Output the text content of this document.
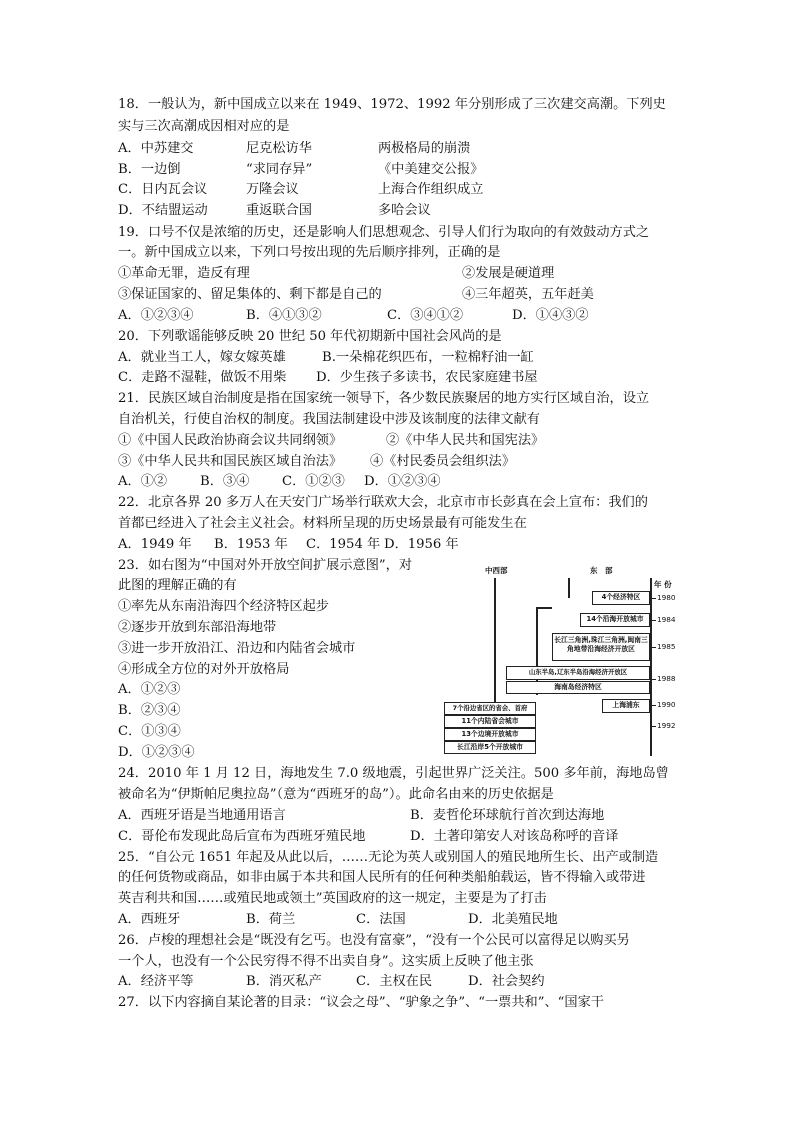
18．一般认为，新中国成立以来在 1949、1972、1992 年分别形成了三次建交高潮。下列史
实与三次高潮成因相对应的是
A．中苏建交	尼克松访华	两极格局的崩溃
B．一边倒	“求同存异”	《中美建交公报》
C．日内瓦会议	万隆会议	上海合作组织成立
D．不结盟运动	重返联合国	多哈会议
19．口号不仅是浓缩的历史，还是影响人们思想观念、引导人们行为取向的有效鼓动方式之
一。新中国成立以来，下列口号按出现的先后顺序排列，正确的是
①革命无罪，造反有理	②发展是硬道理
③保证国家的、留足集体的、剩下都是自己的	④三年超英，五年赶美
A．①②③④	B．④①③②	C．③④①②	D．①④③②
20．下列歌谣能够反映 20 世纪 50 年代初期新中国社会风尚的是
A．就业当工人，嫁女嫁英雄	B.一朵棉花织匹布，一粒棉籽油一缸
C．走路不湿鞋，做饭不用柴 D．少生孩子多读书，农民家庭建书屋
21．民族区域自治制度是指在国家统一领导下，各少数民族聚居的地方实行区域自治，设立
自治机关，行使自治权的制度。我国法制建设中涉及该制度的法律文献有
①《中国人民政治协商会议共同纲领》	②《中华人民共和国宪法》
③《中华人民共和国民族区域自治法》 ④《村民委员会组织法》
A．①② B．③④ C．①②③ D．①②③④
22．北京各界 20 多万人在天安门广场举行联欢大会，北京市市长彭真在会上宣布：我们的
首都已经进入了社会主义社会。材料所呈现的历史场景最有可能发生在
A．1949 年 B．1953 年 C．1954 年 D．1956 年
23．如右图为“中国对外开放空间扩展示意图”，对
此图的理解正确的有
①率先从东南沿海四个经济特区起步
②逐步开放到东部沿海地带
③进一步开放沿江、沿边和内陆省会城市
④形成全方位的对外开放格局
A．①②③
B．②③④
C．①③④
D．①②③④
中西部	东　部
年 份
1980
1984
1985
1988
1990
1992
4个经济特区
14个沿海开放城市
长江三角洲,珠江三角洲,闽南三角地带沿海经济开放区
山东半岛,辽东半岛沿海经济开放区
海南岛经济特区
上海浦东
7个沿边省区的省会、首府
11个内陆省会城市
13个边境开放城市
长江沿岸5个开放城市
24．2010 年 1 月 12 日，海地发生 7.0 级地震，引起世界广泛关注。500 多年前，海地岛曾
被命名为“伊斯帕尼奥拉岛”（意为“西班牙的岛”）。此命名由来的历史依据是
A．西班牙语是当地通用语言	B．麦哲伦环球航行首次到达海地
C．哥伦布发现此岛后宣布为西班牙殖民地	D．土著印第安人对该岛称呼的音译
25．“自公元 1651 年起及从此以后，……无论为英人或别国人的殖民地所生长、出产或制造
的任何货物或商品，如非由属于本共和国人民所有的任何种类船舶载运，皆不得输入或带进
英吉利共和国……或殖民地或领土”英国政府的这一规定，主要是为了打击
A．西班牙	B．荷兰	C．法国	D．北美殖民地
26．卢梭的理想社会是“既没有乞丐。也没有富豪”，“没有一个公民可以富得足以购买另
一个人，也没有一个公民穷得不得不出卖自身”。这实质上反映了他主张
A．经济平等	B．消灭私产	C．主权在民	D．社会契约
27．以下内容摘自某论著的目录：“议会之母”、“驴象之争”、“一票共和”、“国家干
